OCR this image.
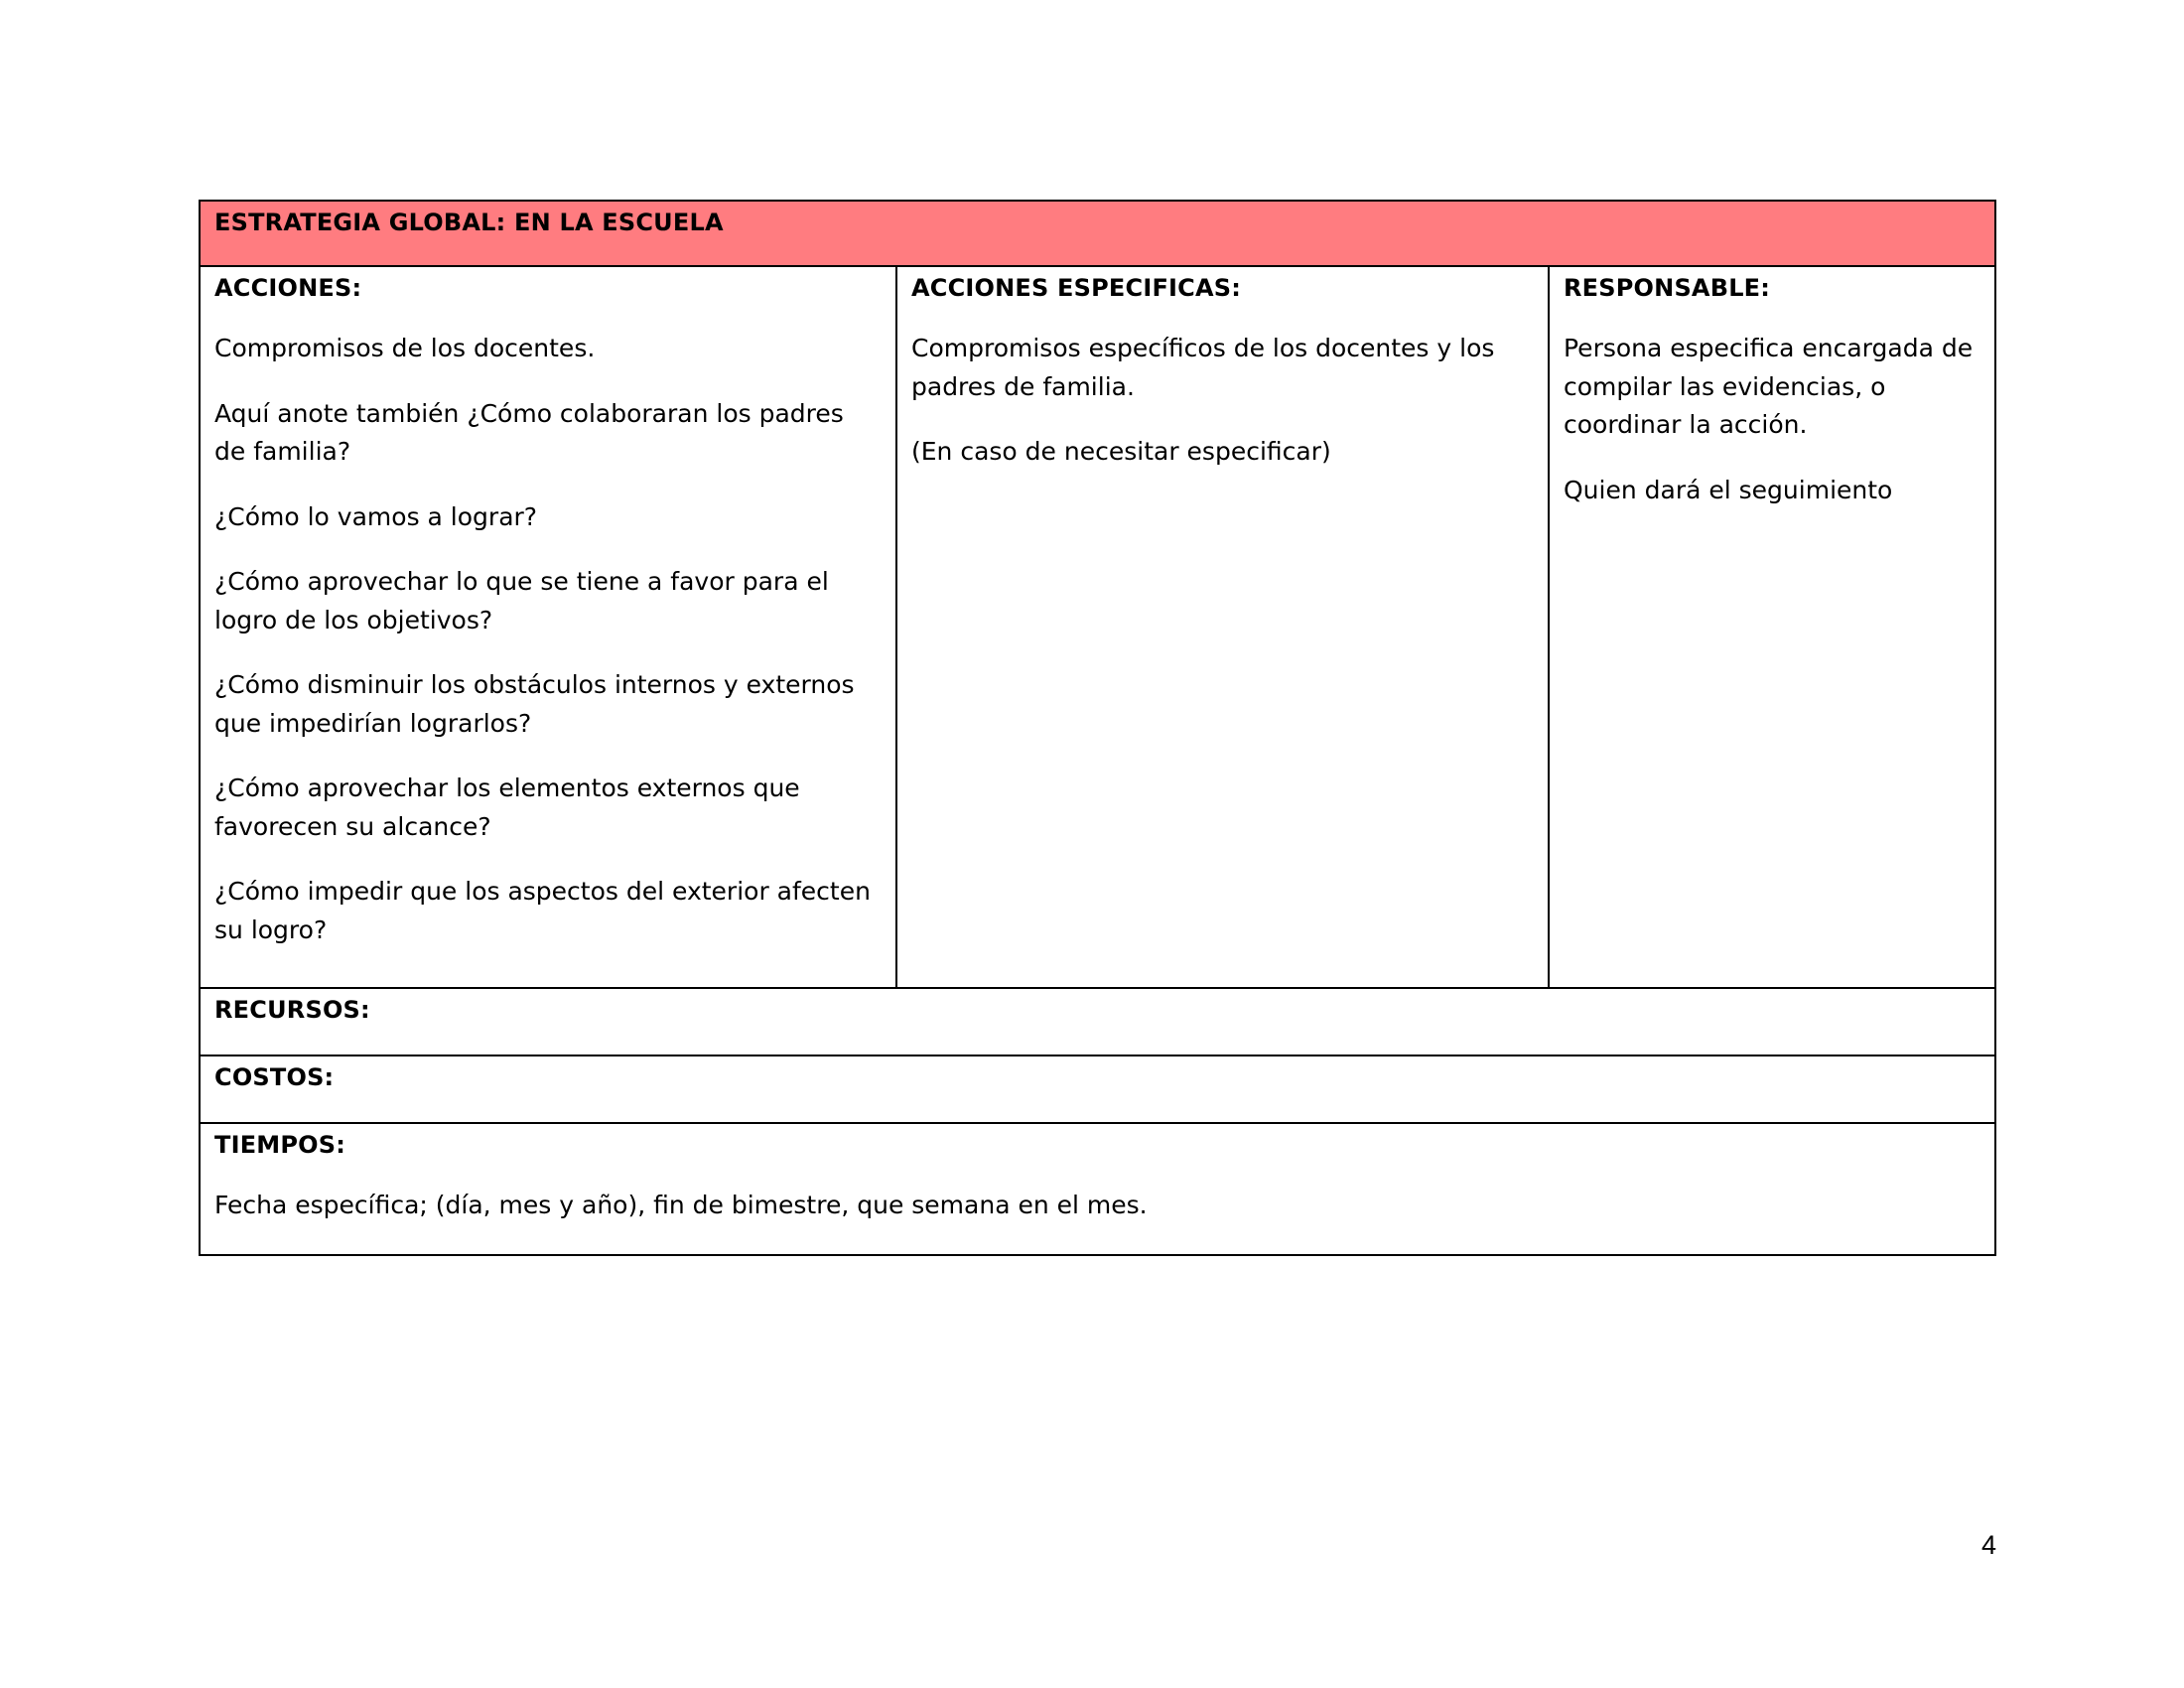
ESTRATEGIA GLOBAL: EN LA ESCUELA
ACCIONES:

Compromisos de los docentes.

Aquí anote también ¿Cómo colaboraran los padres de familia?

¿Cómo lo vamos a lograr?

¿Cómo aprovechar lo que se tiene a favor para el logro de los objetivos?

¿Cómo disminuir los obstáculos internos y externos que impedirían lograrlos?

¿Cómo aprovechar los elementos externos que favorecen su alcance?

¿Cómo impedir que los aspectos del exterior afecten su logro?

ACCIONES ESPECIFICAS:

Compromisos específicos de los docentes y los padres de familia.

(En caso de necesitar especificar)

RESPONSABLE:

Persona especifica encargada de compilar las evidencias, o coordinar la acción.

Quien dará el seguimiento

RECURSOS:
COSTOS:
TIEMPOS:

Fecha específica; (día, mes y año), fin de bimestre, que semana en el mes.

4
